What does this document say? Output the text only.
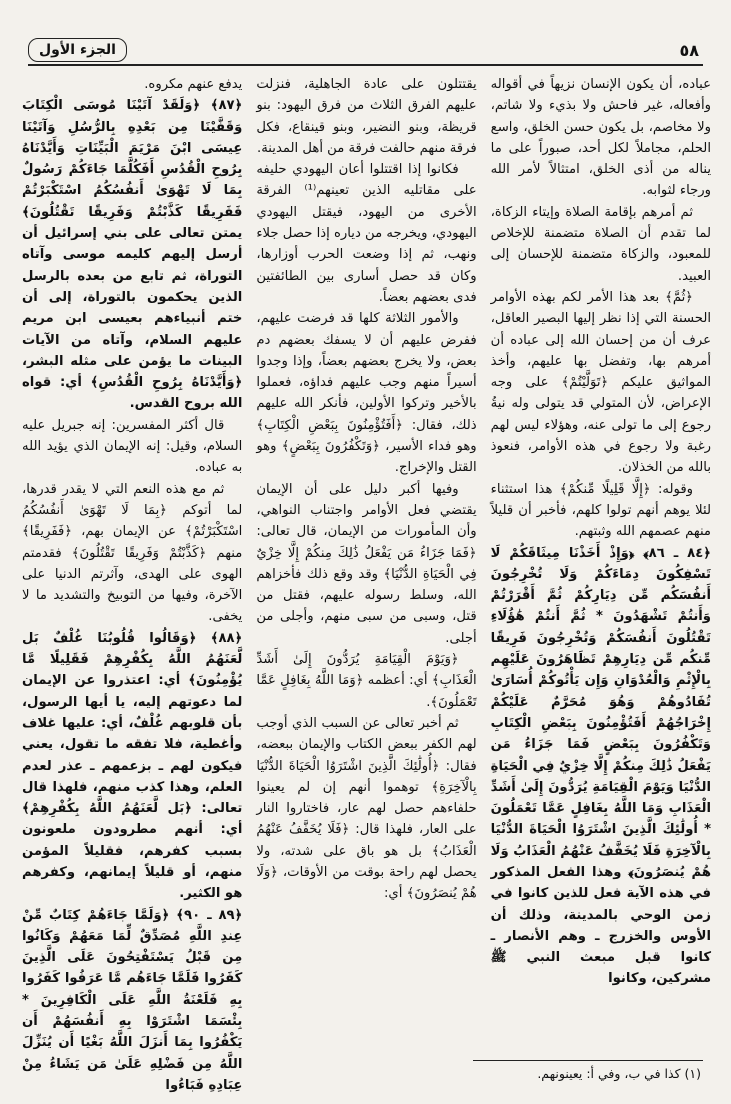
٥٨
الجزء الأول

عباده، أن يكون الإنسان نزيهاً في أقواله وأفعاله، غير فاحش ولا بذيء ولا شاتم، ولا مخاصم، بل يكون حسن الخلق، واسع الحلم، مجاملاً لكل أحد، صبوراً على ما يناله من أذى الخلق، امتثالاً لأمر الله ورجاء لثوابه.

ثم أمرهم بإقامة الصلاة وإيتاء الزكاة، لما تقدم أن الصلاة متضمنة للإخلاص للمعبود، والزكاة متضمنة للإحسان إلى العبيد.

﴿ثُمَّ﴾ بعد هذا الأمر لكم بهذه الأوامر الحسنة التي إذا نظر إليها البصير العاقل، عرف أن من إحسان الله إلى عباده أن أمرهم بها، وتفضل بها عليهم، وأخذ المواثيق عليكم ﴿تَوَلَّيْتُمْ﴾ على وجه الإعراض، لأن المتولي قد يتولى وله نيةُ رجوع إلى ما تولى عنه، وهؤلاء ليس لهم رغبة ولا رجوع في هذه الأوامر، فنعوذ بالله من الخذلان.

وقوله: ﴿إِلَّا قَلِيلًا مِّنكُمْ﴾ هذا استثناء لئلا يوهم أنهم تولوا كلهم، فأخبر أن قليلاً منهم عصمهم الله وثبتهم.

﴿٨٤ ـ ٨٦﴾ ﴿وَإِذْ أَخَذْنَا مِيثَاقَكُمْ لَا تَسْفِكُونَ دِمَاءَكُمْ وَلَا تُخْرِجُونَ أَنفُسَكُم مِّن دِيَارِكُمْ ثُمَّ أَقْرَرْتُمْ وَأَنتُمْ تَشْهَدُونَ * ثُمَّ أَنتُمْ هَٰؤُلَاءِ تَقْتُلُونَ أَنفُسَكُمْ وَتُخْرِجُونَ فَرِيقًا مِّنكُم مِّن دِيَارِهِمْ تَظَاهَرُونَ عَلَيْهِم بِالْإِثْمِ وَالْعُدْوَانِ وَإِن يَأْتُوكُمْ أُسَارَىٰ تُفَادُوهُمْ وَهُوَ مُحَرَّمٌ عَلَيْكُمْ إِخْرَاجُهُمْ أَفَتُؤْمِنُونَ بِبَعْضِ الْكِتَابِ وَتَكْفُرُونَ بِبَعْضٍ فَمَا جَزَاءُ مَن يَفْعَلُ ذَٰلِكَ مِنكُمْ إِلَّا خِزْيٌ فِي الْحَيَاةِ الدُّنْيَا وَيَوْمَ الْقِيَامَةِ يُرَدُّونَ إِلَىٰ أَشَدِّ الْعَذَابِ وَمَا اللَّهُ بِغَافِلٍ عَمَّا تَعْمَلُونَ * أُولَٰئِكَ الَّذِينَ اشْتَرَوُا الْحَيَاةَ الدُّنْيَا بِالْآخِرَةِ فَلَا يُخَفَّفُ عَنْهُمُ الْعَذَابُ وَلَا هُمْ يُنصَرُونَ﴾ وهذا الفعل المذكور في هذه الآية فعل للذين كانوا في زمن الوحي بالمدينة، وذلك أن الأوس والخزرج ـ وهم الأنصار ـ كانوا قبل مبعث النبي ﷺ مشركين، وكانوا

يقتتلون على عادة الجاهلية، فنزلت عليهم الفرق الثلاث من فرق اليهود: بنو قريظة، وبنو النضير، وبنو قينقاع، فكل فرقة منهم حالفت فرقة من أهل المدينة.

فكانوا إذا اقتتلوا أعان اليهودي حليفه على مقاتليه الذين تعينهم⁽¹⁾ الفرقة الأخرى من اليهود، فيقتل اليهودي اليهودي، ويخرجه من دياره إذا حصل جلاء ونهب، ثم إذا وضعت الحرب أوزارها، وكان قد حصل أسارى بين الطائفتين فدى بعضهم بعضاً.

والأمور الثلاثة كلها قد فرضت عليهم، ففرض عليهم أن لا يسفك بعضهم دم بعض، ولا يخرج بعضهم بعضاً، وإذا وجدوا أسيراً منهم وجب عليهم فداؤه، فعملوا بالأخير وتركوا الأولين، فأنكر الله عليهم ذلك، فقال: ﴿أَفَتُؤْمِنُونَ بِبَعْضِ الْكِتَابِ﴾ وهو فداء الأسير، ﴿وَتَكْفُرُونَ بِبَعْضٍ﴾ وهو القتل والإخراج.

وفيها أكبر دليل على أن الإيمان يقتضي فعل الأوامر واجتناب النواهي، وأن المأمورات من الإيمان، قال تعالى: ﴿فَمَا جَزَاءُ مَن يَفْعَلُ ذَٰلِكَ مِنكُمْ إِلَّا خِزْيٌ فِي الْحَيَاةِ الدُّنْيَا﴾ وقد وقع ذلك فأخزاهم الله، وسلط رسوله عليهم، فقتل من قتل، وسبى من سبى منهم، وأجلى من أجلى.

﴿وَيَوْمَ الْقِيَامَةِ يُرَدُّونَ إِلَىٰ أَشَدِّ الْعَذَابِ﴾ أي: أعظمه ﴿وَمَا اللَّهُ بِغَافِلٍ عَمَّا تَعْمَلُونَ﴾.

ثم أخبر تعالى عن السبب الذي أوجب لهم الكفر ببعض الكتاب والإيمان ببعضه، فقال: ﴿أُولَٰئِكَ الَّذِينَ اشْتَرَوُا الْحَيَاةَ الدُّنْيَا بِالْآخِرَةِ﴾ توهموا أنهم إن لم يعينوا حلفاءهم حصل لهم عار، فاختاروا النار على العار، فلهذا قال: ﴿فَلَا يُخَفَّفُ عَنْهُمُ الْعَذَابُ﴾ بل هو باق على شدته، ولا يحصل لهم راحة بوقت من الأوقات، ﴿وَلَا هُمْ يُنصَرُونَ﴾ أي:

يدفع عنهم مكروه.

﴿٨٧﴾ ﴿وَلَقَدْ آتَيْنَا مُوسَى الْكِتَابَ وَقَفَّيْنَا مِن بَعْدِهِ بِالرُّسُلِ وَآتَيْنَا عِيسَى ابْنَ مَرْيَمَ الْبَيِّنَاتِ وَأَيَّدْنَاهُ بِرُوحِ الْقُدُسِ أَفَكُلَّمَا جَاءَكُمْ رَسُولٌ بِمَا لَا تَهْوَىٰ أَنفُسُكُمُ اسْتَكْبَرْتُمْ فَفَرِيقًا كَذَّبْتُمْ وَفَرِيقًا تَقْتُلُونَ﴾ يمتن تعالى على بني إسرائيل أن أرسل إليهم كليمه موسى وآتاه التوراة، ثم تابع من بعده بالرسل الذين يحكمون بالتوراة، إلى أن ختم أنبياءهم بعيسى ابن مريم عليهم السلام، وآتاه من الآيات البينات ما يؤمن على مثله البشر، ﴿وَأَيَّدْنَاهُ بِرُوحِ الْقُدُسِ﴾ أي: قواه الله بروح القدس.

قال أكثر المفسرين: إنه جبريل عليه السلام، وقيل: إنه الإيمان الذي يؤيد الله به عباده.

ثم مع هذه النعم التي لا يقدر قدرها، لما أتوكم ﴿بِمَا لَا تَهْوَىٰ أَنفُسُكُمُ اسْتَكْبَرْتُمْ﴾ عن الإيمان بهم، ﴿فَفَرِيقًا﴾ منهم ﴿كَذَّبْتُمْ وَفَرِيقًا تَقْتُلُونَ﴾ فقدمتم الهوى على الهدى، وآثرتم الدنيا على الآخرة، وفيها من التوبيخ والتشديد ما لا يخفى.

﴿٨٨﴾ ﴿وَقَالُوا قُلُوبُنَا غُلْفٌ بَل لَّعَنَهُمُ اللَّهُ بِكُفْرِهِمْ فَقَلِيلًا مَّا يُؤْمِنُونَ﴾ أي: اعتذروا عن الإيمان لما دعوتهم إليه، يا أيها الرسول، بأن قلوبهم غُلْفٌ، أي: عليها غلاف وأغطية، فلا تفقه ما تقول، يعني فيكون لهم ـ بزعمهم ـ عذر لعدم العلم، وهذا كذب منهم، فلهذا قال تعالى: ﴿بَل لَّعَنَهُمُ اللَّهُ بِكُفْرِهِمْ﴾ أي: أنهم مطرودون ملعونون بسبب كفرهم، فقليلاً المؤمن منهم، أو قليلاً إيمانهم، وكفرهم هو الكثير.

﴿٨٩ ـ ٩٠﴾ ﴿وَلَمَّا جَاءَهُمْ كِتَابٌ مِّنْ عِندِ اللَّهِ مُصَدِّقٌ لِّمَا مَعَهُمْ وَكَانُوا مِن قَبْلُ يَسْتَفْتِحُونَ عَلَى الَّذِينَ كَفَرُوا فَلَمَّا جَاءَهُم مَّا عَرَفُوا كَفَرُوا بِهِ فَلَعْنَةُ اللَّهِ عَلَى الْكَافِرِينَ * بِئْسَمَا اشْتَرَوْا بِهِ أَنفُسَهُمْ أَن يَكْفُرُوا بِمَا أَنزَلَ اللَّهُ بَغْيًا أَن يُنَزِّلَ اللَّهُ مِن فَضْلِهِ عَلَىٰ مَن يَشَاءُ مِنْ عِبَادِهِ فَبَاءُوا

(١) كذا في ب، وفي أ: يعينونهم.
